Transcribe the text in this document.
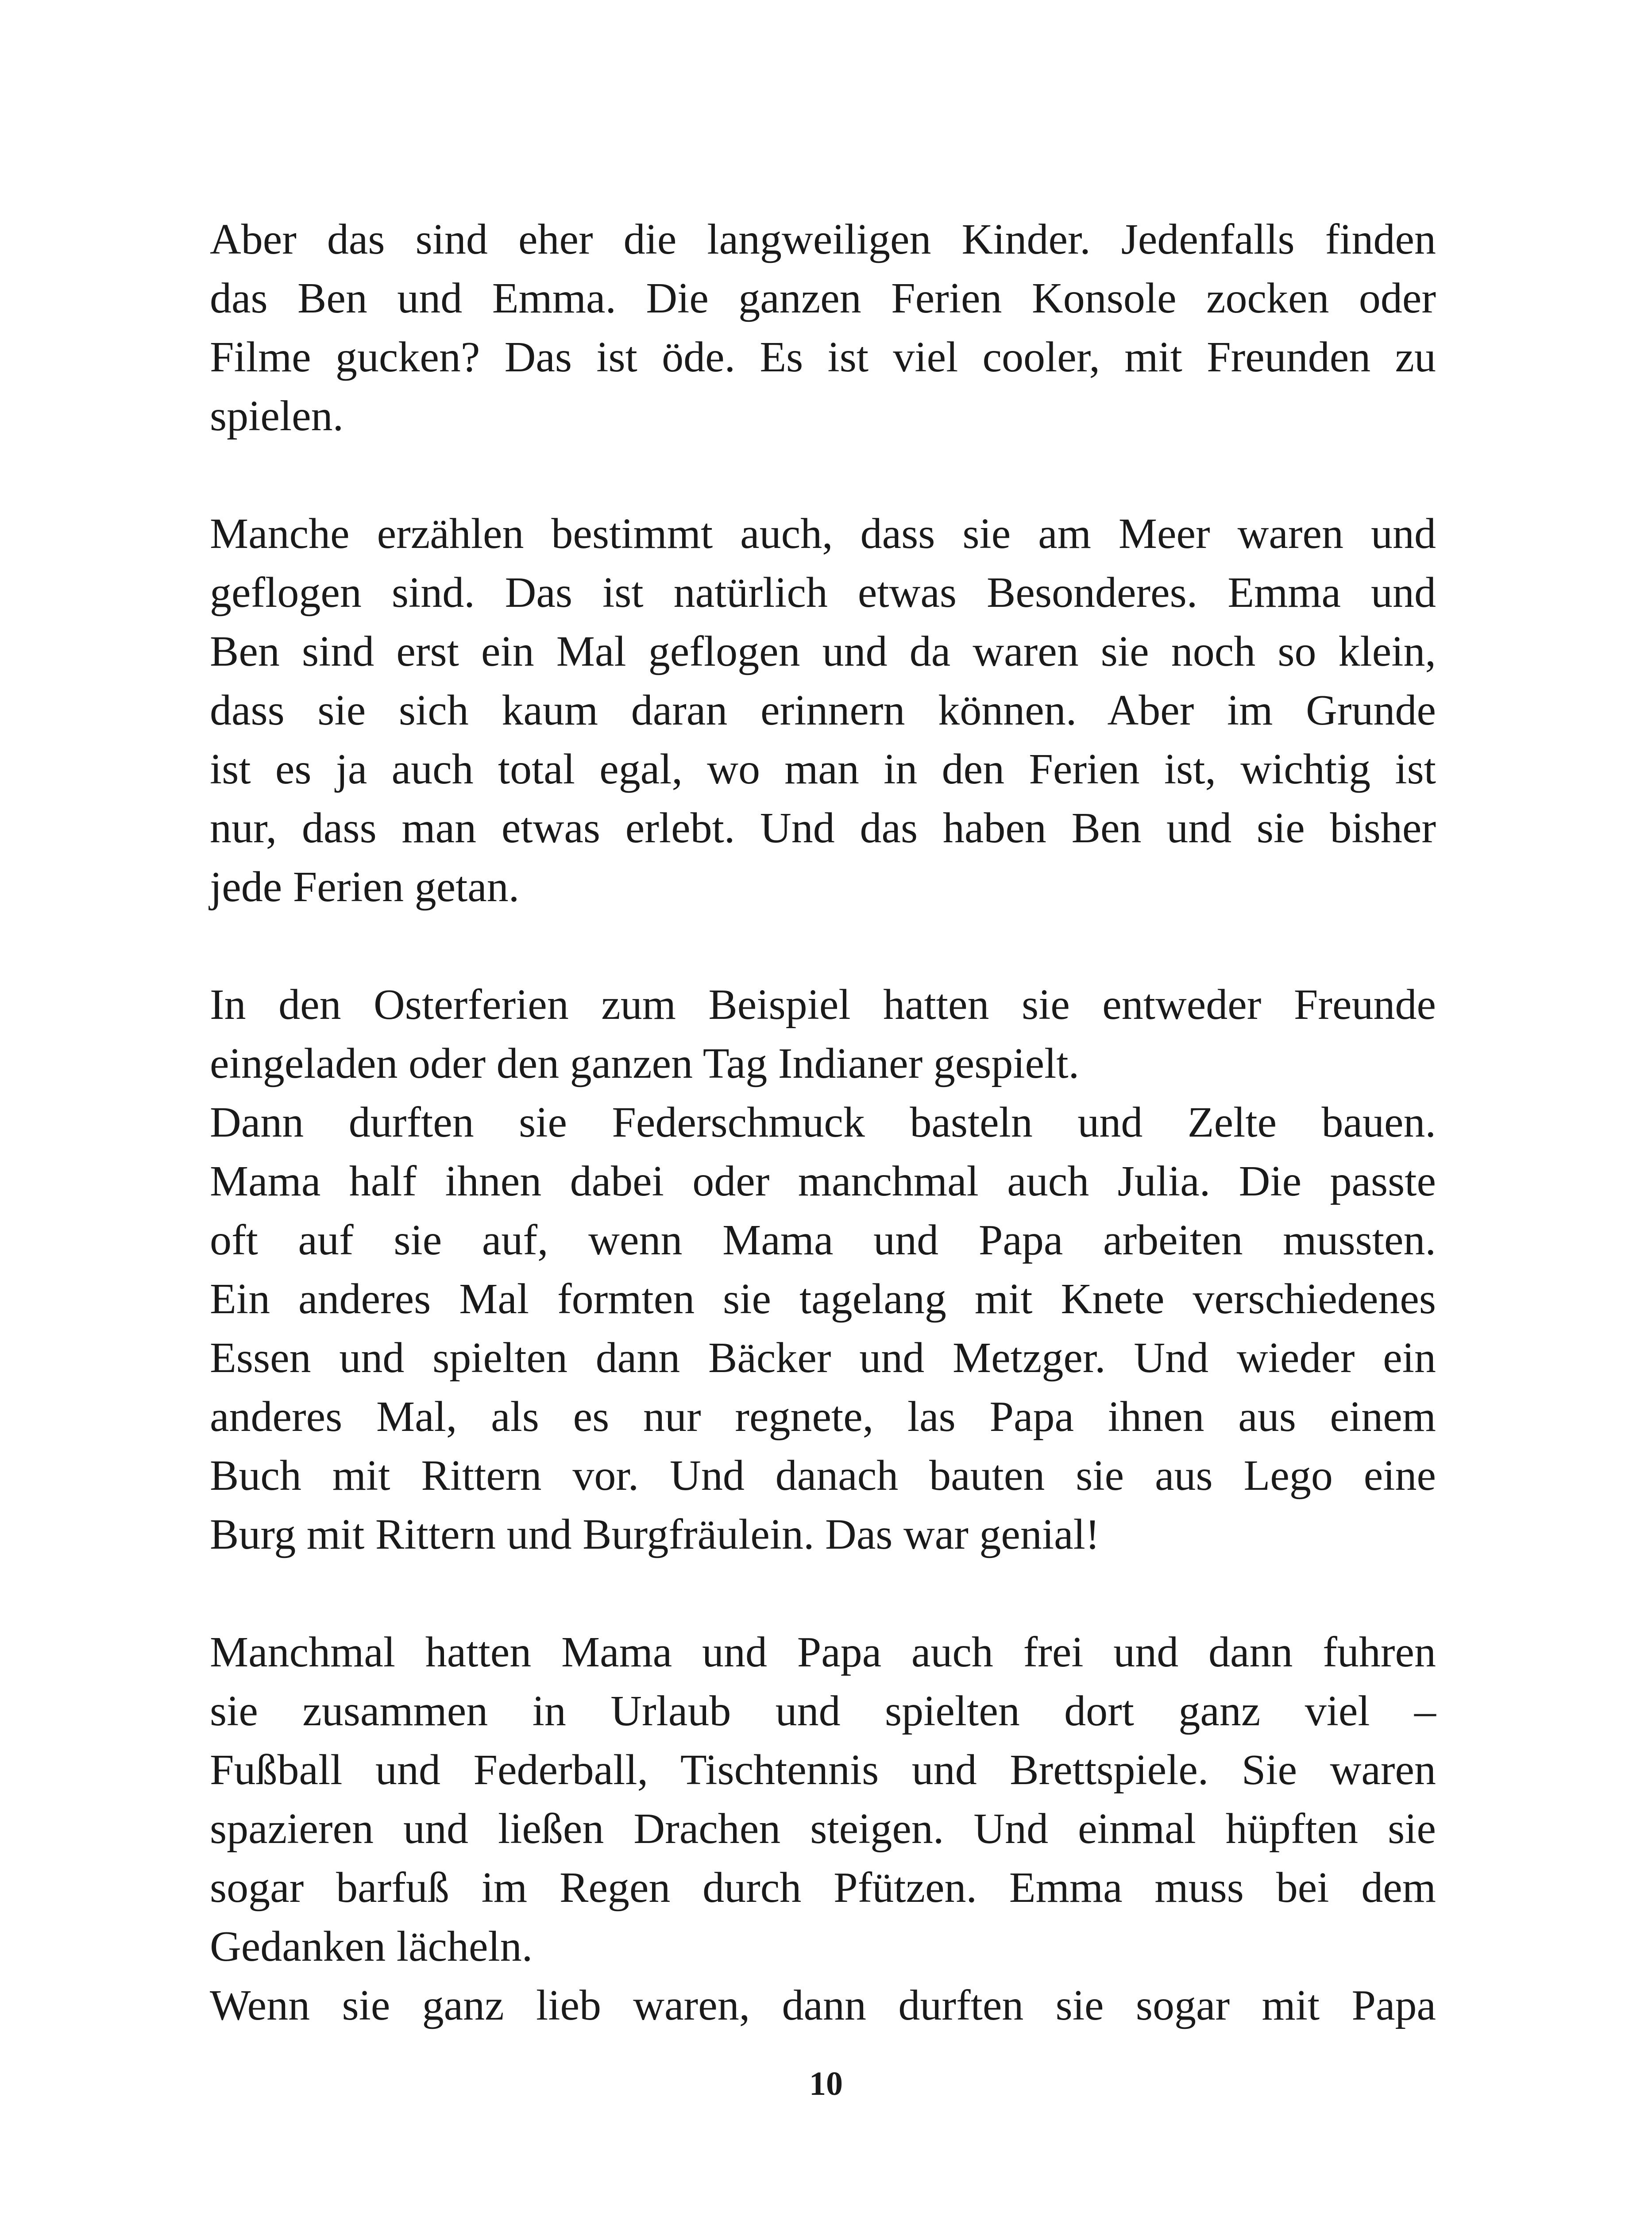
Aber das sind eher die langweiligen Kinder. Jedenfalls finden
das Ben und Emma. Die ganzen Ferien Konsole zocken oder
Filme gucken? Das ist öde. Es ist viel cooler, mit Freunden zu
spielen.
Manche erzählen bestimmt auch, dass sie am Meer waren und
geflogen sind. Das ist natürlich etwas Besonderes. Emma und
Ben sind erst ein Mal geflogen und da waren sie noch so klein,
dass sie sich kaum daran erinnern können. Aber im Grunde
ist es ja auch total egal, wo man in den Ferien ist, wichtig ist
nur, dass man etwas erlebt. Und das haben Ben und sie bisher
jede Ferien getan.
In den Osterferien zum Beispiel hatten sie entweder Freunde
eingeladen oder den ganzen Tag Indianer gespielt.
Dann durften sie Federschmuck basteln und Zelte bauen.
Mama half ihnen dabei oder manchmal auch Julia. Die passte
oft auf sie auf, wenn Mama und Papa arbeiten mussten.
Ein anderes Mal formten sie tagelang mit Knete verschiedenes
Essen und spielten dann Bäcker und Metzger. Und wieder ein
anderes Mal, als es nur regnete, las Papa ihnen aus einem
Buch mit Rittern vor. Und danach bauten sie aus Lego eine
Burg mit Rittern und Burgfräulein. Das war genial!
Manchmal hatten Mama und Papa auch frei und dann fuhren
sie zusammen in Urlaub und spielten dort ganz viel –
Fußball und Federball, Tischtennis und Brettspiele. Sie waren
spazieren und ließen Drachen steigen. Und einmal hüpften sie
sogar barfuß im Regen durch Pfützen. Emma muss bei dem
Gedanken lächeln.
Wenn sie ganz lieb waren, dann durften sie sogar mit Papa
10
